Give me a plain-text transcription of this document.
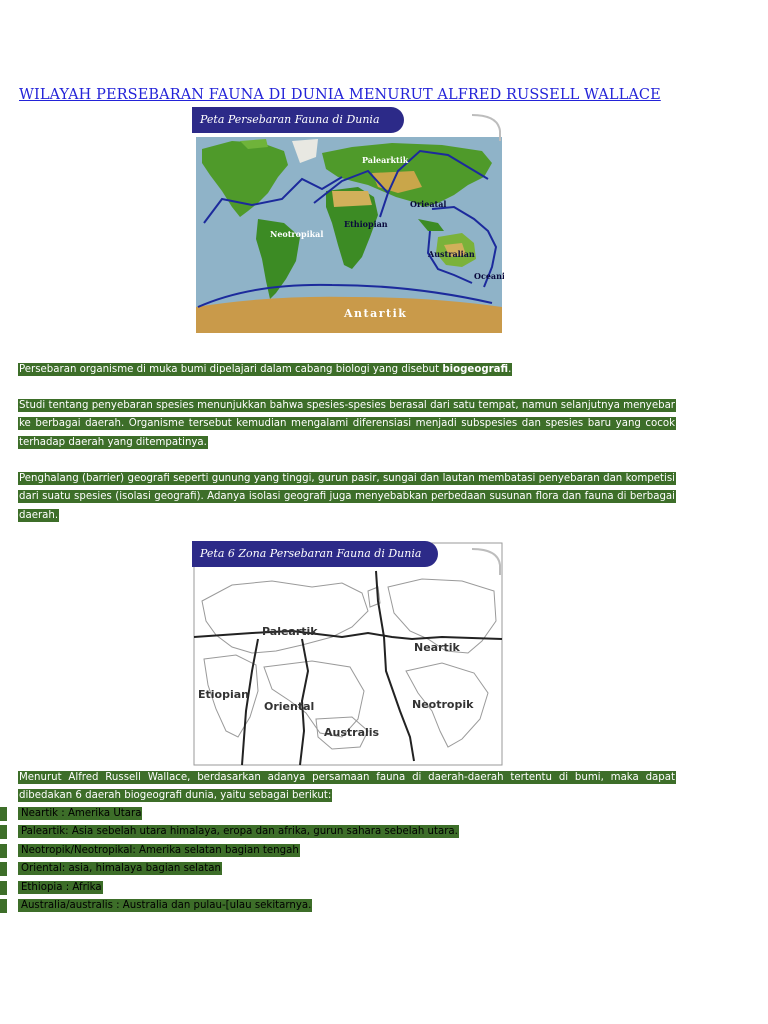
WILAYAH PERSEBARAN FAUNA DI DUNIA MENURUT ALFRED RUSSELL WALLACE
Palearktik
Orieatal
Ethiopian
Neotropikal
Australian
Oceani
Antartik
Peta Persebaran Fauna di Dunia

Persebaran organisme di muka bumi dipelajari dalam cabang biologi yang disebut biogeografi.

Studi tentang penyebaran spesies menunjukkan bahwa spesies-spesies berasal dari satu tempat, namun selanjutnya menyebar ke berbagai daerah. Organisme tersebut kemudian mengalami diferensiasi menjadi subspesies dan spesies baru yang cocok terhadap daerah yang ditempatinya.

Penghalang (barrier) geografi seperti gunung yang tinggi, gurun pasir, sungai dan lautan membatasi penyebaran dan kompetisi dari suatu spesies (isolasi geografi). Adanya isolasi geografi juga menyebabkan perbedaan susunan flora dan fauna di berbagai daerah.

Paleartik
Neartik
Etiopian
Oriental	Neotropik
Australis
Peta 6 Zona Persebaran Fauna di Dunia

Menurut Alfred Russell Wallace, berdasarkan adanya persamaan fauna di daerah-daerah tertentu di bumi, maka dapat dibedakan 6 daerah biogeografi dunia, yaitu sebagai berikut:

Neartik : Amerika Utara
Paleartik: Asia sebelah utara himalaya, eropa dan afrika, gurun sahara sebelah utara.
Neotropik/Neotropikal: Amerika selatan bagian tengah
Oriental: asia, himalaya bagian selatan
Ethiopia : Afrika
Australia/australis : Australia dan pulau-[ulau sekitarnya.
